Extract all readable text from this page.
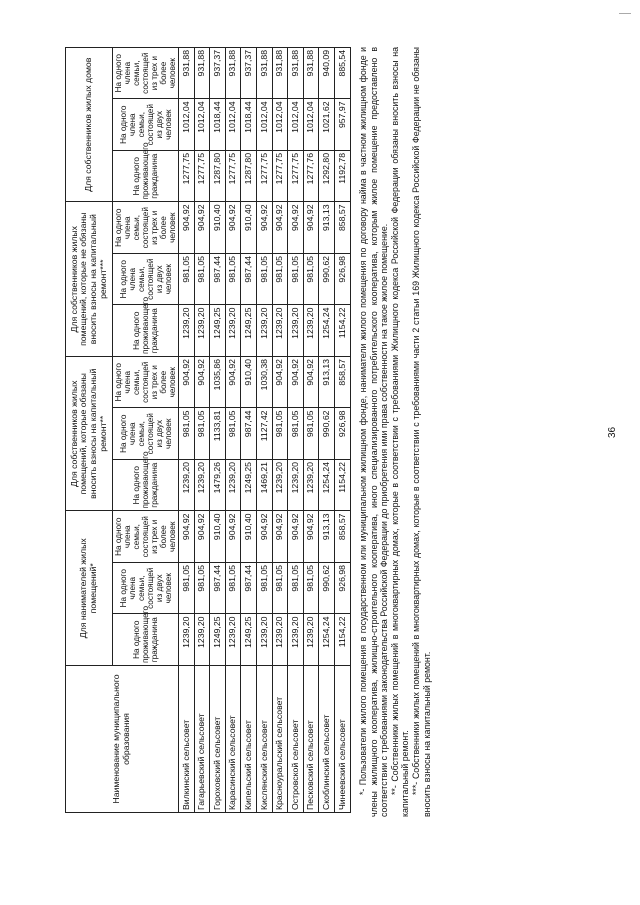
36
Наименование муниципального образования	Для нанимателей жилых помещений*			Для собственников жилых помещений, которые обязаны вносить взносы на капитальный ремонт**			Для собственников жилых помещений, которые не обязаны вносить взносы на капитальный ремонт***			Для собственников жилых домов		
	На одного проживающего гражданина	На одного члена семьи, состоящей из двух человек	На одного члена семьи, состоящей из трех и более человек	На одного проживающего гражданина	На одного члена семьи, состоящей из двух человек	На одного члена семьи, состоящей из трех и более человек	На одного проживающего гражданина	На одного члена семьи, состоящей из двух человек	На одного члена семьи, состоящей из трех и более человек	На одного проживающего гражданина	На одного члена семьи, состоящей из двух человек	На одного члена семьи, состоящей из трех и более человек
Вилкинский сельсовет	1239,20	981,05	904,92	1239,20	981,05	904,92	1239,20	981,05	904,92	1277,75	1012,04	931,88
Гагарьевский сельсовет	1239,20	981,05	904,92	1239,20	981,05	904,92	1239,20	981,05	904,92	1277,75	1012,04	931,88
Гороховский сельсовет	1249,25	987,44	910,40	1479,26	1133,81	1035,86	1249,25	987,44	910,40	1287,80	1018,44	937,37
Карасинский сельсовет	1239,20	981,05	904,92	1239,20	981,05	904,92	1239,20	981,05	904,92	1277,75	1012,04	931,88
Кипельский сельсовет	1249,25	987,44	910,40	1249,25	987,44	910,40	1249,25	987,44	910,40	1287,80	1018,44	937,37
Кислянский сельсовет	1239,20	981,05	904,92	1469,21	1127,42	1030,38	1239,20	981,05	904,92	1277,75	1012,04	931,88
Красноуральский сельсовет	1239,20	981,05	904,92	1239,20	981,05	904,92	1239,20	981,05	904,92	1277,75	1012,04	931,88
Островской сельсовет	1239,20	981,05	904,92	1239,20	981,05	904,92	1239,20	981,05	904,92	1277,75	1012,04	931,88
Песковский сельсовет	1239,20	981,05	904,92	1239,20	981,05	904,92	1239,20	981,05	904,92	1277,76	1012,04	931,88
Скоблинский сельсовет	1254,24	990,62	913,13	1254,24	990,62	913,13	1254,24	990,62	913,13	1292,80	1021,62	940,09
Чинеевский сельсовет	1154,22	926,98	858,57	1154,22	926,98	858,57	1154,22	926,98	858,57	1192,78	957,97	885,54 *- Пользователи жилого помещения в государственном или муниципальном жилищном фонде, наниматели жилого помещения по договору найма в частном жилищном фонде и члены жилищного кооператива, жилищно-строительного кооператива, иного специализированного потребительского кооператива, которым жилое помещение предоставлено в соответствии с требованиями законодательства Российской Федерации до приобретения ими права собственности на такое жилое помещение. **- Собственники жилых помещений в многоквартирных домах, которые в соответствии с требованиями Жилищного кодекса Российской Федерации обязаны вносить взносы на капитальный ремонт. ***- Собственники жилых помещений в многоквартирных домах, которые в соответствии с требованиями части 2 статьи 169 Жилищного кодекса Российской Федерации не обязаны вносить взносы на капитальный ремонт.
